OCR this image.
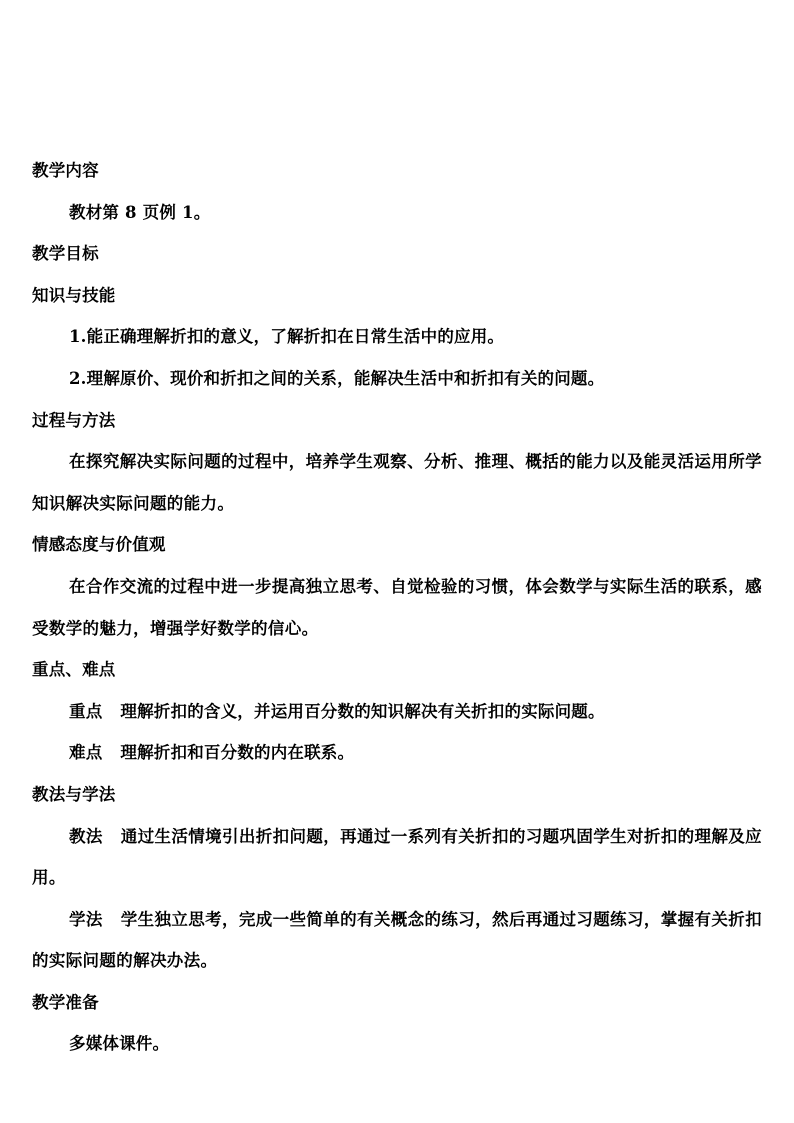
教学内容
教材第 8 页例 1。
教学目标
知识与技能
1.能正确理解折扣的意义，了解折扣在日常生活中的应用。
2.理解原价、现价和折扣之间的关系，能解决生活中和折扣有关的问题。
过程与方法
在探究解决实际问题的过程中，培养学生观察、分析、推理、概括的能力以及能灵活运用所学知识解决实际问题的能力。
情感态度与价值观
在合作交流的过程中进一步提高独立思考、自觉检验的习惯，体会数学与实际生活的联系，感受数学的魅力，增强学好数学的信心。
重点、难点
重点 理解折扣的含义，并运用百分数的知识解决有关折扣的实际问题。
难点 理解折扣和百分数的内在联系。
教法与学法
教法 通过生活情境引出折扣问题，再通过一系列有关折扣的习题巩固学生对折扣的理解及应用。
学法 学生独立思考，完成一些简单的有关概念的练习，然后再通过习题练习，掌握有关折扣的实际问题的解决办法。
教学准备
多媒体课件。
